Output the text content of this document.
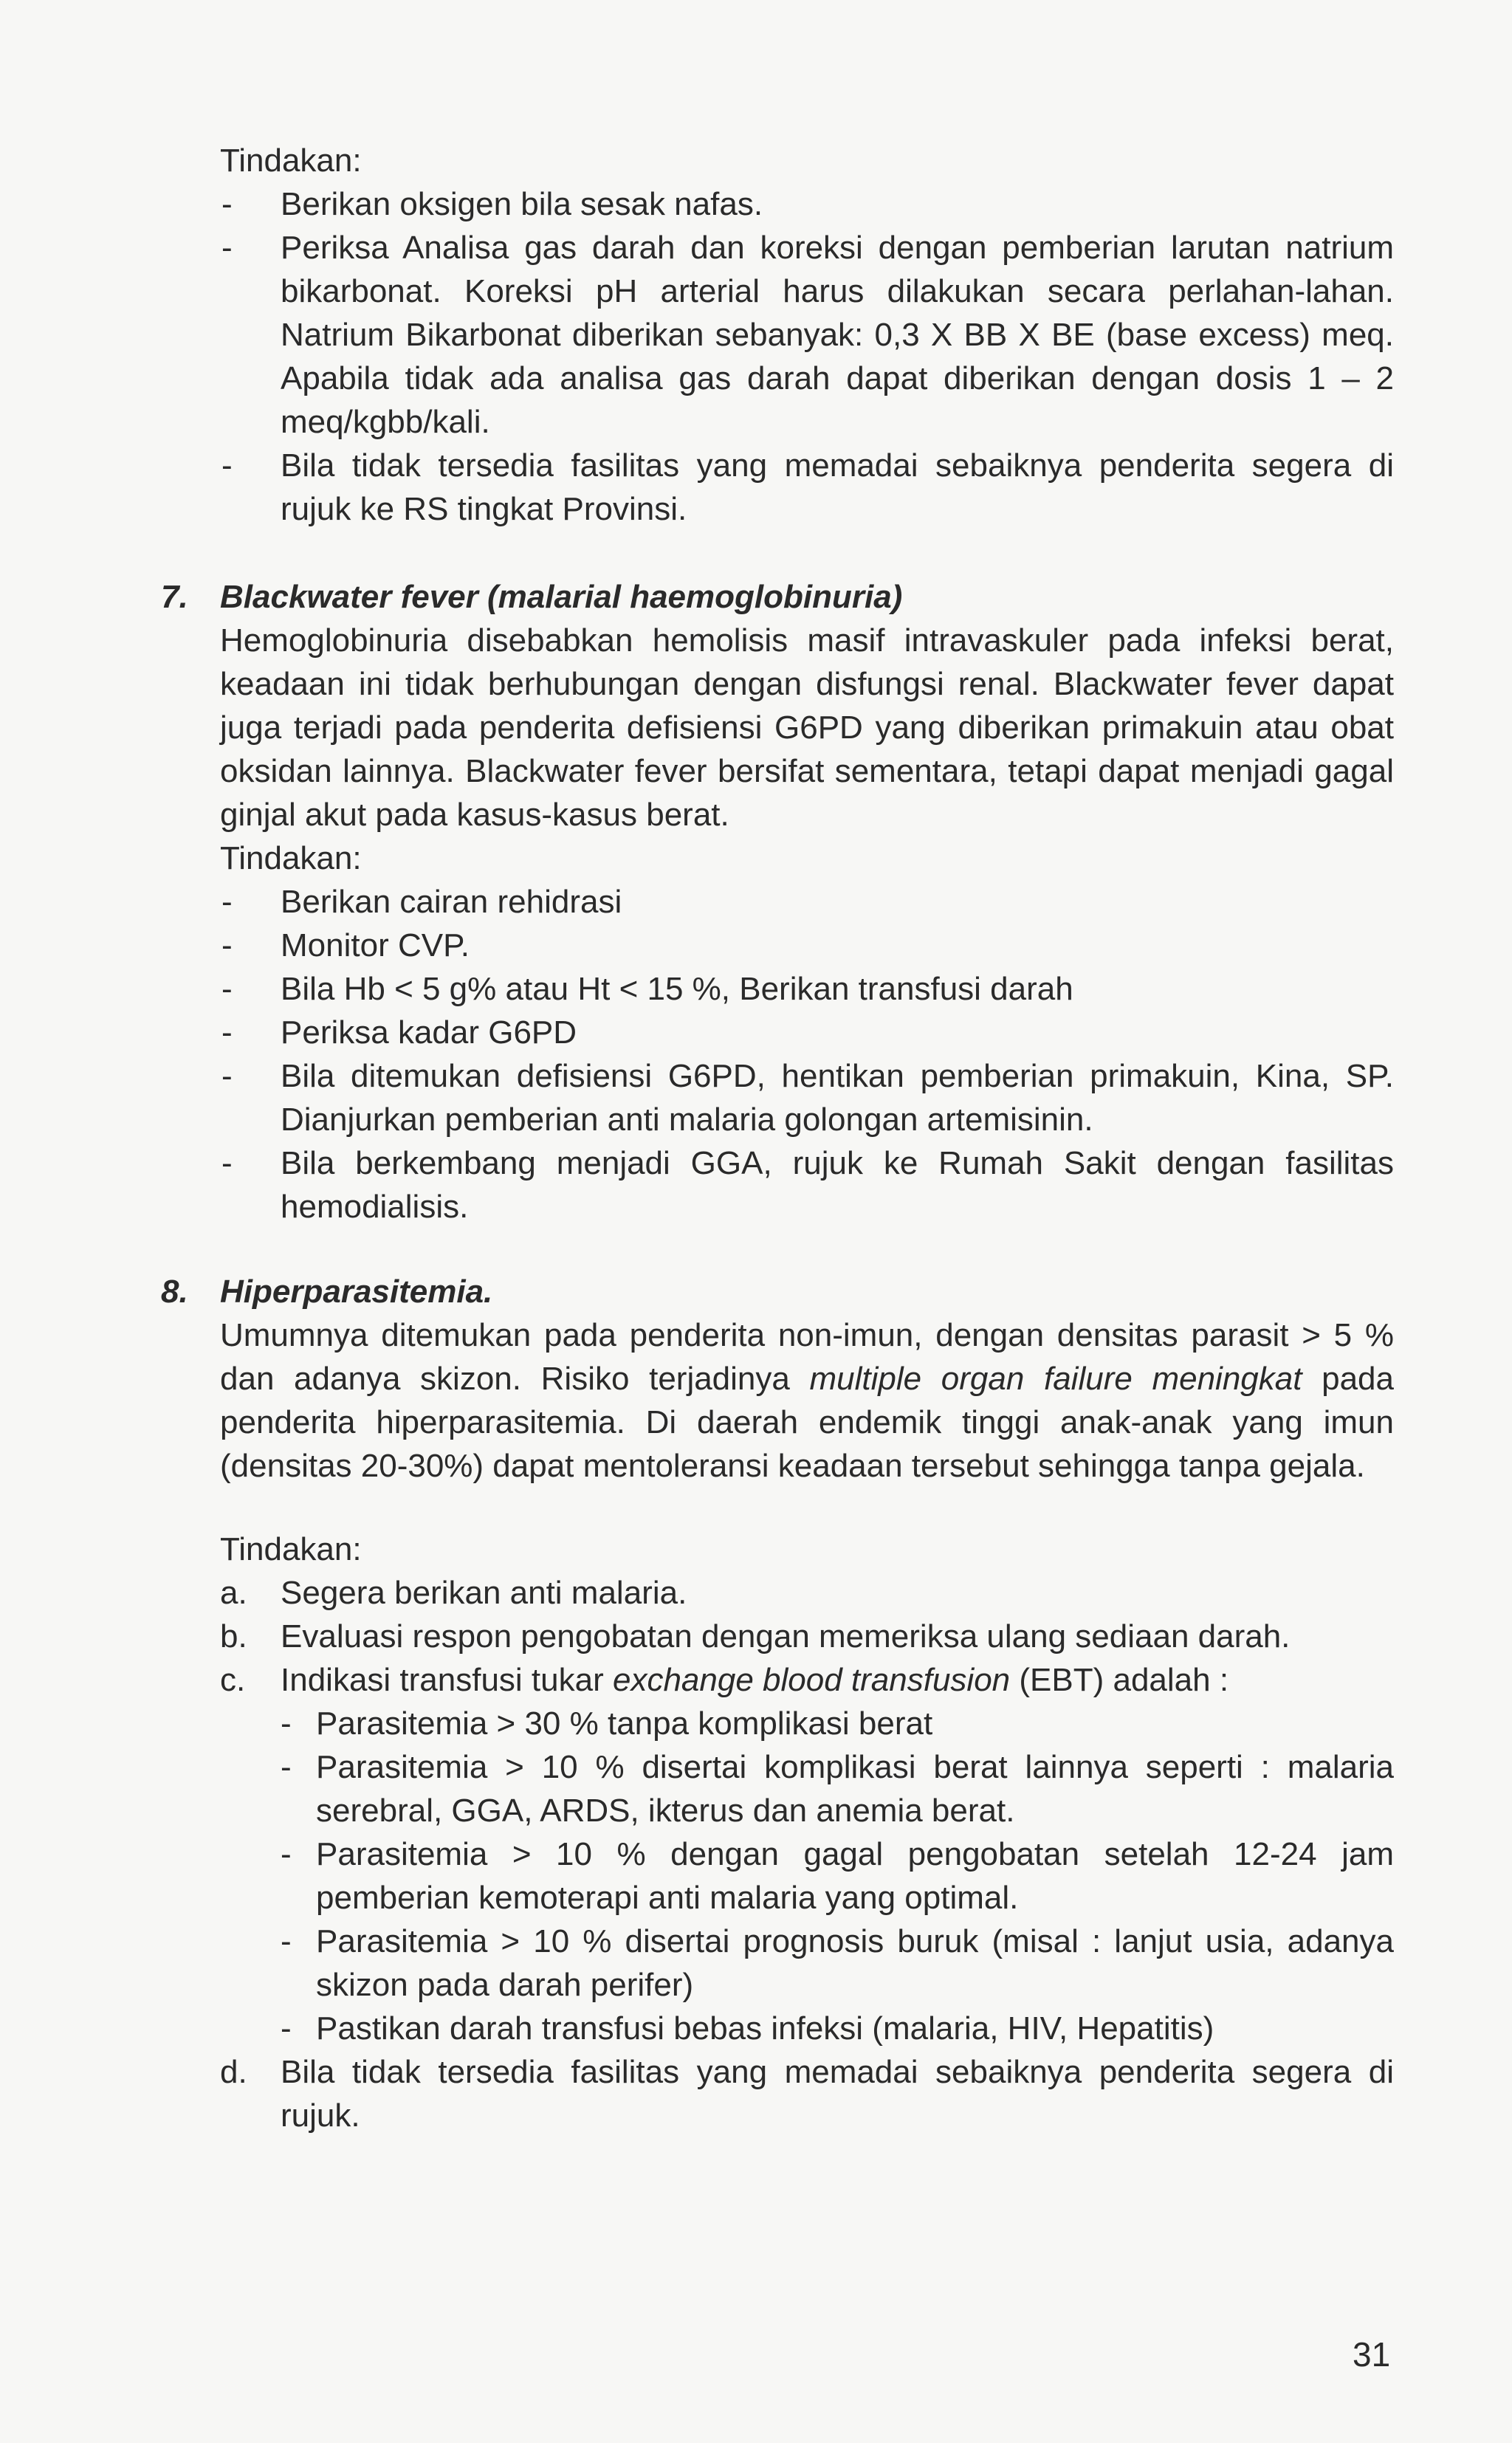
Tindakan:

- Berikan oksigen bila sesak nafas.
- Periksa Analisa gas darah dan koreksi dengan pemberian larutan natrium bikarbonat. Koreksi pH arterial harus dilakukan secara perlahan-lahan. Natrium Bikarbonat diberikan sebanyak: 0,3 X BB X BE (base excess) meq. Apabila tidak ada analisa gas darah dapat diberikan dengan dosis 1 – 2 meq/kgbb/kali.
- Bila tidak tersedia fasilitas yang memadai sebaiknya penderita segera di rujuk ke RS tingkat Provinsi.

7. Blackwater fever (malarial haemoglobinuria)

Hemoglobinuria disebabkan hemolisis masif intravaskuler pada infeksi berat, keadaan ini tidak berhubungan dengan disfungsi renal. Blackwater fever dapat juga terjadi pada penderita defisiensi G6PD yang diberikan primakuin atau obat oksidan lainnya. Blackwater fever bersifat sementara, tetapi dapat menjadi gagal ginjal akut pada kasus-kasus berat.

Tindakan:

- Berikan cairan rehidrasi
- Monitor CVP.
- Bila Hb < 5 g% atau Ht < 15 %, Berikan transfusi darah
- Periksa kadar G6PD
- Bila ditemukan defisiensi G6PD, hentikan pemberian primakuin, Kina, SP. Dianjurkan pemberian anti malaria golongan artemisinin.
- Bila berkembang menjadi GGA, rujuk ke Rumah Sakit dengan fasilitas hemodialisis.

8. Hiperparasitemia.

Umumnya ditemukan pada penderita non-imun, dengan densitas parasit > 5 % dan adanya skizon. Risiko terjadinya multiple organ failure meningkat pada penderita hiperparasitemia. Di daerah endemik tinggi anak-anak yang imun (densitas 20-30%) dapat mentoleransi keadaan tersebut sehingga tanpa gejala.

Tindakan:

a. Segera berikan anti malaria.
b. Evaluasi respon pengobatan dengan memeriksa ulang sediaan darah.
c. Indikasi transfusi tukar exchange blood transfusion (EBT) adalah :
- Parasitemia > 30 % tanpa komplikasi berat
- Parasitemia > 10 % disertai komplikasi berat lainnya seperti : malaria serebral, GGA, ARDS, ikterus dan anemia berat.
- Parasitemia > 10 % dengan gagal pengobatan setelah 12-24 jam pemberian kemoterapi anti malaria yang optimal.
- Parasitemia > 10 % disertai prognosis buruk (misal : lanjut usia, adanya skizon pada darah perifer)
- Pastikan darah transfusi bebas infeksi (malaria, HIV, Hepatitis)
d. Bila tidak tersedia fasilitas yang memadai sebaiknya penderita segera di rujuk.
31
